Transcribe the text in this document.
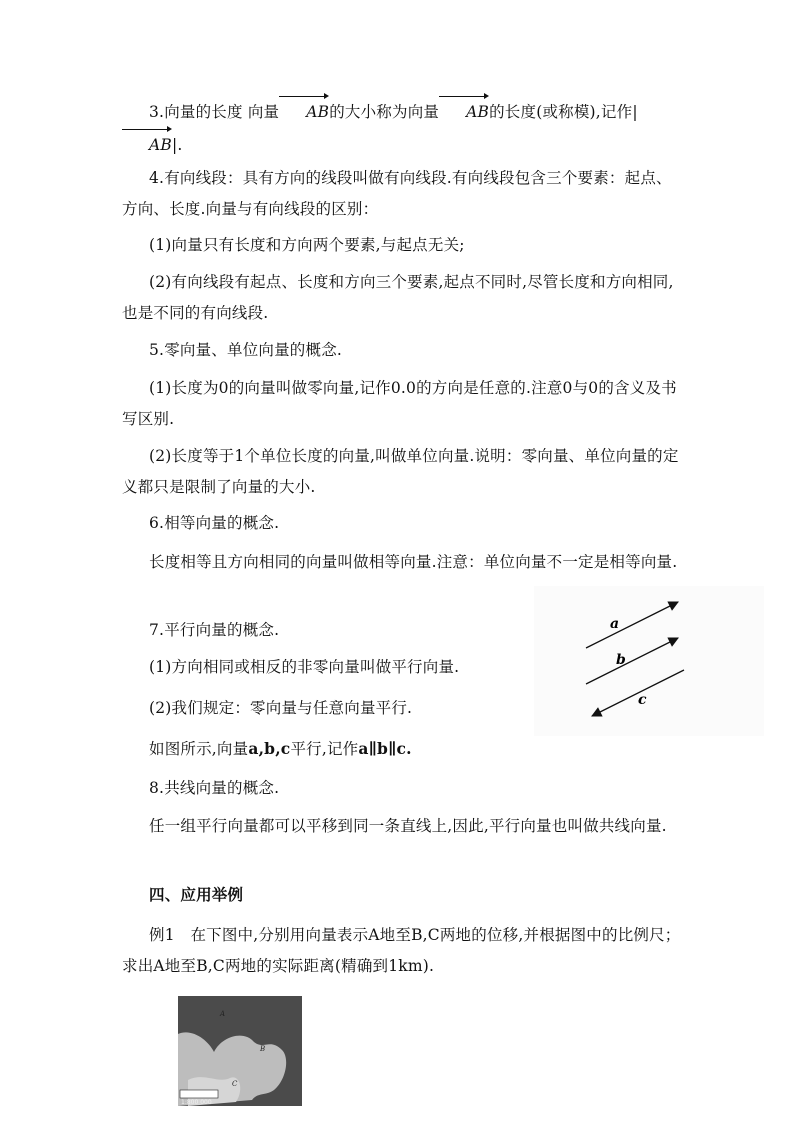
3.向量的长度 向量 AB的大小称为向量 AB的长度(或称模),记作|AB|.

4.有向线段：具有方向的线段叫做有向线段.有向线段包含三个要素：起点、方向、长度.向量与有向线段的区别：

(1)向量只有长度和方向两个要素,与起点无关;

(2)有向线段有起点、长度和方向三个要素,起点不同时,尽管长度和方向相同,也是不同的有向线段.

5.零向量、单位向量的概念.

(1)长度为0的向量叫做零向量,记作0.0的方向是任意的.注意0与0的含义及书写区别.

(2)长度等于1个单位长度的向量,叫做单位向量.说明：零向量、单位向量的定义都只是限制了向量的大小.

6.相等向量的概念.

长度相等且方向相同的向量叫做相等向量.注意：单位向量不一定是相等向量.

7.平行向量的概念.

(1)方向相同或相反的非零向量叫做平行向量.

(2)我们规定：零向量与任意向量平行.

如图所示,向量a,b,c平行,记作a∥b∥c.

8.共线向量的概念.

任一组平行向量都可以平移到同一条直线上,因此,平行向量也叫做共线向量.

四、应用举例

例1　在下图中,分别用向量表示A地至B,C两地的位移,并根据图中的比例尺；求出A地至B,C两地的实际距离(精确到1km).

a
b
c
A
B
C
1:800 000
